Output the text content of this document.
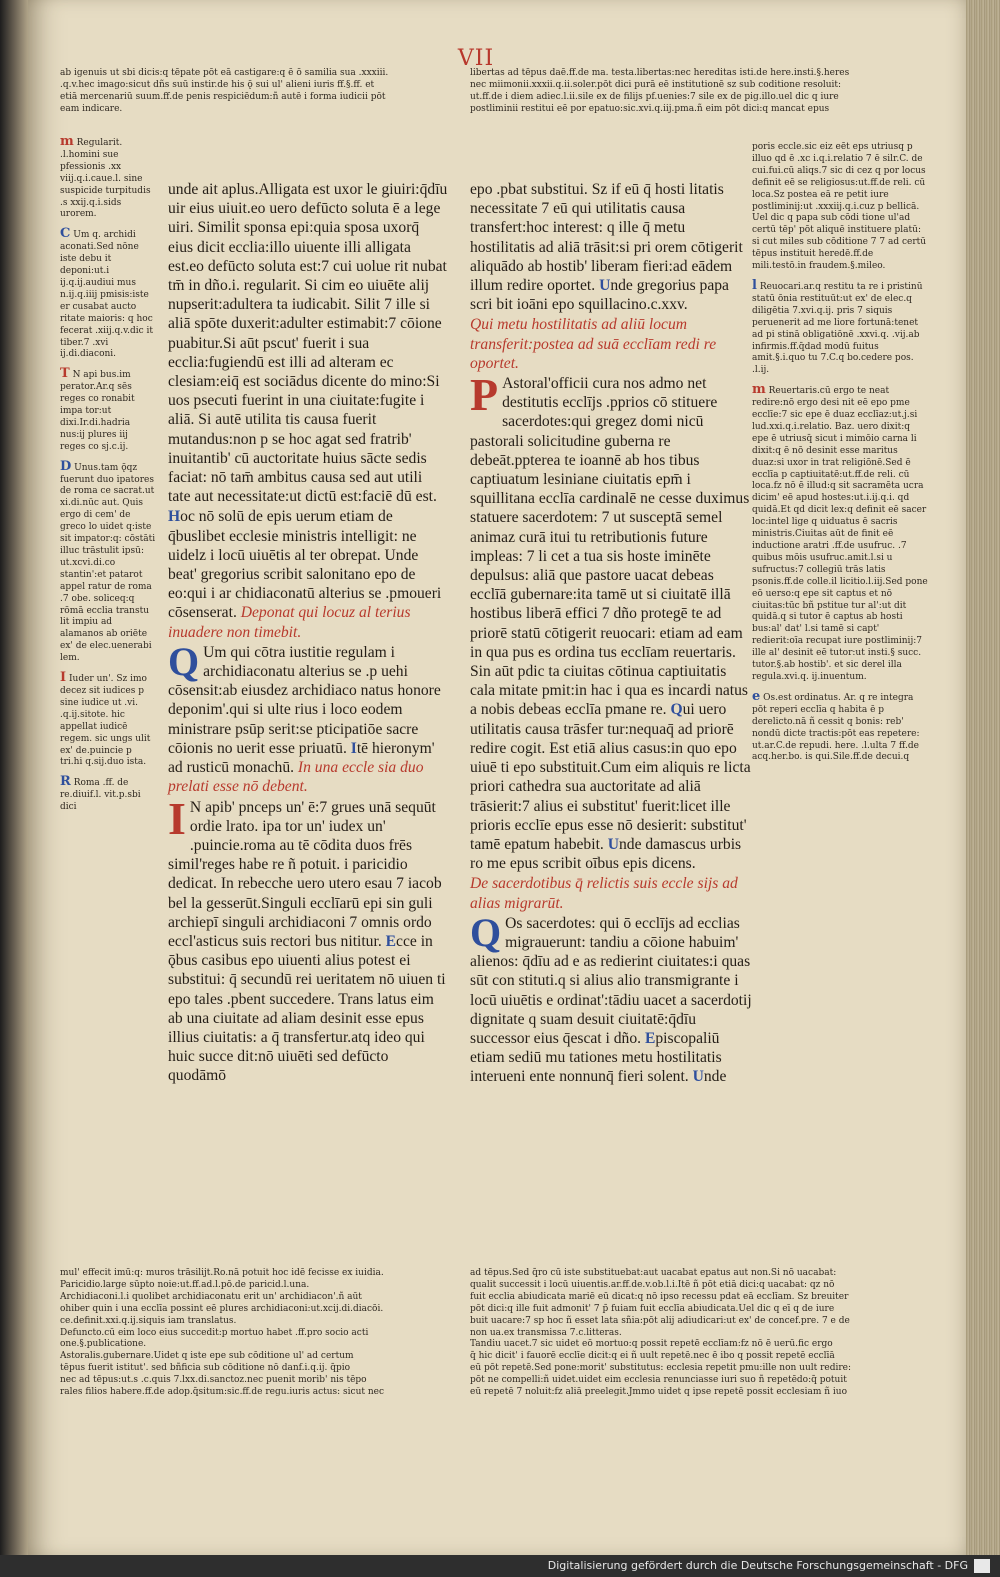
VII

ab igenuis ut sbi dicis:q tēpate pōt eā castigare:q ē ō samilia sua .xxxiii.

.q.v.hec imago:sicut dñs suū instir.de his ǭ sui ul' alieni iuris ff.§.ff. et

etiā mercenariū suum.ff.de penis respiciēdum:ñ autē i forma iudicii pōt

eam indicare.

libertas ad tēpus daē.ff.de ma. testa.libertas:nec hereditas isti.de here.insti.§.heres

nec miimonii.xxxii.q.ii.soler.pōt dici purā eē institutionē sz sub coditione resoluit:

ut.ff.de i diem adiec.l.ii.sile ex de filijs pf.uenies:7 sile ex de pig.illo.uel dic q iure

postliminii restitui eē por epatuo:sic.xvi.q.iij.pma.ñ eim pōt dici:q mancat epus

m Regularit. .l.homini sue pfessionis .xx viij.q.i.caue.l. sine suspicide turpitudis .s xxij.q.i.sids urorem.
C Um q. archidi aconati.Sed nōne iste debu it deponi:ut.i ij.q.ij.audiui mus n.ij.q.iiij pmisis:iste er cusabat aucto ritate maioris: q hoc fecerat .xiij.q.v.dic it tiber.7 .xvi ij.di.diaconi.
T N api bus.im perator.Ar.q sēs reges co ronabit impa tor:ut dixi.Ir.di.hadria nus:ij plures iij reges co sj.c.ij.
D Unus.tam ǭqz fuerunt duo ipatores de roma ce sacrat.ut xi.di.nūc aut. Quis ergo di cem' de greco lo uidet q:iste sit impator:q: cōstāti illuc trāstulit ipsū: ut.xcvi.di.co stantin':et patarot appel ratur de roma .7 obe. soliceq:q rōmā ecclia transtu lit impiu ad alamanos ab oriēte ex' de elec.uenerabi lem.
I Iuder un'. Sz imo decez sit iudices p sine iudice ut .vi. .q.ij.sitote. hic appellat iudicē regem. sic ungs ulit ex' de.puincie p tri.hi q.sij.duo ista.
R Roma .ff. de re.diuif.l. vit.p.sbi dici

unde ait aplus.Alligata est uxor le giuiri:q̄dīu uir eius uiuit.eo uero defūcto soluta ē a lege uiri. Simili̇t sponsa epi:quia sposa uxorq̄ eius dicit ecclia:illo uiuente illi alligata est.eo defūcto soluta est:7 cui uolue rit nubat tm̄ in dño.i. regularit. Si cim eo uiuēte alij nupserit:adultera ta iudicabit. Silit 7 ille si aliā spōte duxerit:adulter estimabit:7 cōione puabitur.Si aūt pscut' fuerit i sua ecclia:fugiendū est illi ad alteram ec clesiam:eiq̄ est sociādus dicente do mino:Si uos psecuti fuerint in una ciuitate:fugite i aliā. Si autē utilita tis causa fuerit mutandus:non p se hoc agat sed fratrib' inuitantib' cū auctoritate huius sācte sedis faciat: nō tam̄ ambitus causa sed aut utili tate aut necessitate:ut dictū est:faciē dū est.

Hoc nō solū de epis uerum etiam de q̄buslibet ecclesie ministris intelligit: ne uidelz i locū uiuētis al ter obrepat. Unde beat' gregorius scribit salonitano epo de eo:qui i ar chidiaconatū alterius se .pmoueri cōsenserat. Deponat qui locuz al terius inuadere non timebit.

Q Um qui cōtra iustitie regulam i archidiaconatu alterius se .p uehi cōsensit:ab eiusdez archidiaco natus honore deponim'.qui si ulte rius i loco eodem ministrare psūp serit:se pticipatiōe sacre cōionis no uerit esse priuatū. Itē hieronym' ad rusticū monachū. In una eccle sia duo prelati esse nō debent.

I N apib' pnceps un' ē:7 grues unā sequūt ordie lrato. ipa tor un' iudex un' .puincie.roma au tē cōdita duos frēs simil'reges habe re ñ potuit. i paricidio dedicat. In rebecche uero utero esau 7 iacob bel la gesserūt.Singuli ecclīarū epi sin guli archiepī singuli archidiaconi 7 omnis ordo eccl'asticus suis rectori bus nititur. Ecce in ǭbus casibus epo uiuenti alius potest ei substitui: q̄ secundū rei ueritatem nō uiuen ti epo tales .pbent succedere. Trans latus eim ab una ciuitate ad aliam desinit esse epus illius ciuitatis: a q̄ transfertur.atq ideo qui huic succe dit:nō uiuēti sed defūcto quodāmō

epo .pbat substitui. Sz if eū q̄ hosti litatis necessitate 7 eū qui utilitatis causa transfert:hoc interest: q ille q̄ metu hostilitatis ad aliā trāsit:si pri orem cōtigerit aliquādo ab hostib' liberam fieri:ad eādem illum redire oportet. Unde gregorius papa scri bit ioāni epo squillacino.c.xxv.

Qui metu hostilitatis ad aliū locum transferit:postea ad suā ecclīam redi re oportet.

P Astoral'officii cura nos admo net destitutis ecclījs .pprios cō stituere sacerdotes:qui gregez domi nicū pastorali solicitudine guberna re debeāt.ppterea te ioannē ab hos tibus captiuatum lesiniane ciuitatis epm̄ i squillitana ecclīa cardinalē ne cesse duximus statuere sacerdotem: 7 ut susceptā semel animaz curā itui tu retributionis future impleas: 7 li cet a tua sis hoste iminēte depulsus: aliā que pastore uacat debeas ecclīā gubernare:ita tamē ut si ciuitatē illā hostibus liberā effici 7 dño protegē te ad priorē statū cōtigerit reuocari: etiam ad eam in qua pus es ordina tus ecclīam reuertaris. Sin aūt pdic ta ciuitas cōtinua captiuitatis cala mitate pmit:in hac i qua es incardi natus a nobis debeas ecclīa pmane re. Qui uero utilitatis causa trāsfer tur:nequaq̄ ad priorē redire cogit. Est etiā alius casus:in quo epo uiuē ti epo substituit.Cum eim aliquis re licta priori cathedra sua auctoritate ad aliā trāsierit:7 alius ei substitut' fuerit:licet ille prioris ecclīe epus esse nō desierit: substitut' tamē epatum habebit. Unde damascus urbis ro me epus scribit oībus epis dicens.

De sacerdotibus q̄ relictis suis eccle sijs ad alias migrarūt.

Q Os sacerdotes: qui ō ecclījs ad ecclias migrauerunt: tandiu a cōione habuim' alienos: q̄dīu ad e as redierint ciuitates:i quas sūt con stituti.q si alius alio transmigrante i locū uiuētis e ordinat':tādiu uacet a sacerdotij dignitate q suam desuit ciuitatē:q̄dīu successor eius q̄escat i dño. Episcopaliū etiam sediū mu tationes metu hostilitatis interueni ente nonnunq̄ fieri solent. Unde

poris eccle.sic eiz eēt eps utriusq p illuo qd ē .xc i.q.i.relatio 7 ē silr.C. de cui.fui.cū aliqs.7 sic di cez q por locus definit eē se religiosus:ut.ff.de reli. cū loca.Sz postea eā re petit iure postliminij:ut .xxxiij.q.i.cuz p bellicā. Uel dic q papa sub cōdi tione ul'ad certū tēp' pōt aliquē instituere platū: si cut miles sub cōditione 7 7 ad certū tēpus instituit heredē.ff.de mili.testō.in fraudem.§.mileo.
l Reuocari.ar.q restitu ta re i pristinū statū ōnia restituūt:ut ex' de elec.q diligētia 7.xvi.q.ij. pris 7 siquis peruenerit ad me liore fortunā:tenet ad pi stinā obligatiōnē .xxvi.q. .vij.ab infirmis.ff.q̄dad modū fuitus amit.§.i.quo tu 7.C.q bo.cedere pos. .l.ij.
m Reuertaris.cū ergo te neat redire:nō ergo desi nit eē epo pme ecclīe:7 sic epe ē duaz ecclīaz:ut.j.si lud.xxi.q.i.relatio. Baz. uero dixit:q epe ē utriusq̄ sicut i mimōio carna li dixit:q ē nō desinit esse maritus duaz:si uxor in trat religiōnē.Sed ē ecclīa p captiuitatē:ut.ff.de reli. cū loca.fz nō ē illud:q sit sacramēta ucra dicim' eē apud hostes:ut.i.ij.q.i. qd quidā.Et qd dicit lex:q definit eē sacer loc:intel lige q uiduatus ē sacris ministris.Ciuitas aūt de finit eē inductione aratri .ff.de usufruc. .7 quibus mōis usufruc.amit.l.si u sufructus:7 collegiū trās latis psonis.ff.de colle.il licitio.l.iij.Sed pone eō uerso:q epe sit captus et nō ciuitas:tūc bñ pstitue tur al':ut dit quidā.q si tutor ē captus ab hosti bus:al' dat' l.si tamē si capt' redierit:oīa recupat iure postliminij:7 ille al' desinit eē tutor:ut insti.§ succ. tutor.§.ab hostib'. et sic derel illa regula.xvi.q. ij.inuentum.
e Os.est ordinatus. Ar. q re integra pōt reperi ecclīa q habita ē p derelicto.nā ñ cessit q bonis: reb' nondū dicte tractis:pōt eas repetere: ut.ar.C.de repudi. here. .l.ulta 7 ff.de acq.her.bo. is qui.Sile.ff.de decui.q

mul' effecit imū:q: muros trāsilijt.Ro.nā potuit hoc idē fecisse ex iuidia.

Paricidio.large sūpto noie:ut.ff.ad.l.pō.de paricid.l.una.

Archidiaconi.l.i quolibet archidiaconatu erit un' archidiacon'.ñ aūt

ohiber quin i una ecclīa possint eē plures archidiaconi:ut.xcij.di.diacōi.

ce.definit.xxi.q.ij.siquis iam translatus.

Defuncto.cū eim loco eius succedit:p mortuo habet .ff.pro socio acti

one.§.publicatione.

Astoralis.gubernare.Uidet q iste epe sub cōditione ul' ad certum

tēpus fuerit istitut'. sed bñficia sub cōditione nō danf.i.q.ij. q̄pio

nec ad tēpus:ut.s .c.quis 7.lxx.di.sanctoz.nec puenit morib' nis tēpo

rales filios habere.ff.de adop.q̄situm:sic.ff.de regu.iuris actus: sicut nec

ad tēpus.Sed q̄ro cū iste substituebat:aut uacabat epatus aut non.Si nō uacabat:

qualit successit i locū uiuentis.ar.ff.de.v.ob.l.i.Itē ñ pōt etiā dici:q uacabat: qz nō

fuit ecclia abiudicata mariē eū dicat:q nō ipso recessu pdat eā ecclīam. Sz breuiter

pōt dici:q ille fuit admonit' 7 p̄ fuiam fuit ecclīa abiudicata.Uel dic q eī q de iure

buit uacare:7 sp hoc ñ esset lata sñia:pōt alij adiudicari:ut ex' de concef.pre. 7 e de

non ua.ex transmissa 7.c.litteras.

Tandiu uacet.7 sic uidet eō mortuo:q possit repetē ecclīam:fz nō ē uerū.fic ergo

q̄ hic dicit' i fauorē ecclīe dicit:q ei ñ uult repetē.nec ē ibo q possit repetē ecclīā

eū pōt repetē.Sed pone:morit' substitutus: ecclesia repetit pmu:ille non uult redire:

pōt ne compelli:ñ uidet.uidet eim ecclesia renunciasse iuri suo ñ repetēdo:q̄ potuit

eū repetē 7 noluit:fz aliā preelegit.Jmmo uidet q ipse repetē possit ecclesiam ñ iuo

Digitalisierung gefördert durch die Deutsche Forschungsgemeinschaft - DFG
